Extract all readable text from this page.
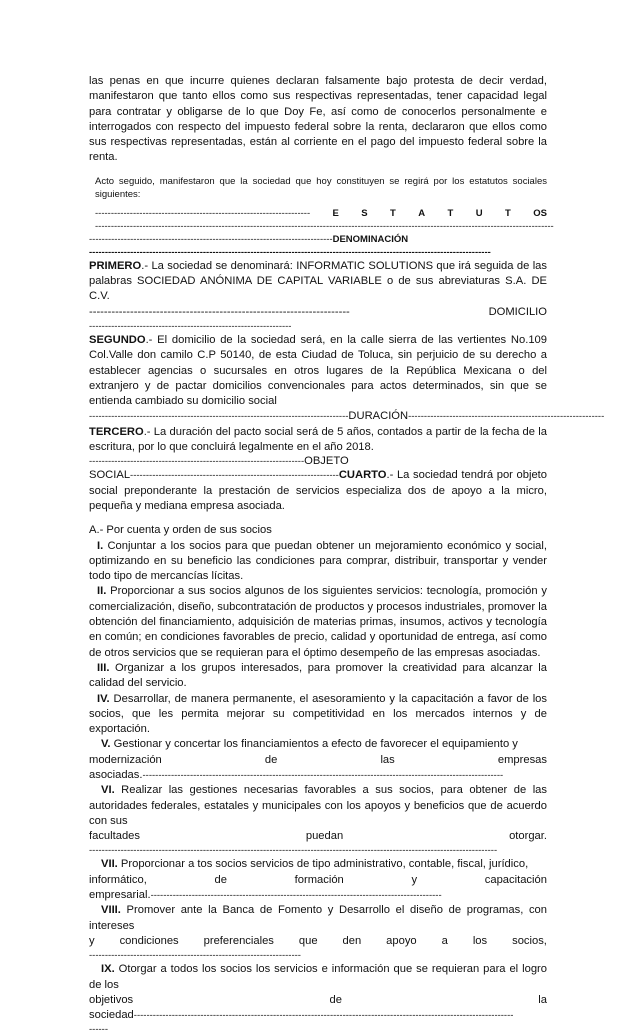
las penas en que incurre quienes declaran falsamente bajo protesta de decir verdad, manifestaron que tanto ellos como sus respectivas representadas, tener capacidad legal para contratar y obligarse de lo que Doy Fe, así como de conocerlos personalmente e interrogados con respecto del impuesto federal sobre la renta, declararon que ellos como sus respectivas representadas, están al corriente en el pago del impuesto federal sobre la renta.

Acto seguido, manifestaron que la sociedad que hoy constituyen se regirá por los estatutos sociales siguientes:

-------------------------------------------------------------------- E S T A T U T OS
-------------------------------------------------------------------------------------------------------------------------------------------------
-----------------------------------------------------------------------------DENOMINACIÓN
-------------------------------------------------------------------------------------------------------------------------------

PRIMERO.- La sociedad se denominará: INFORMATIC SOLUTIONS que irá seguida de las palabras SOCIEDAD ANÓNIMA DE CAPITAL VARIABLE o de sus abreviaturas S.A. DE C.V.

----------------------------------------------------------------------	DOMICILIO
----------------------------------------------------------------

SEGUNDO.- El domicilio de la sociedad será, en la calle sierra de las vertientes No.109 Col.Valle don camilo C.P 50140, de esta Ciudad de Toluca, sin perjuicio de su derecho a establecer agencias o sucursales en otros lugares de la República Mexicana o del extranjero y de pactar domicilios convencionales para actos determinados, sin que se entienda cambiado su domicilio social

----------------------------------------------------------------------------------DURACIÓN--------------------------------------------------------------

TERCERO.- La duración del pacto social será de 5 años, contados a partir de la fecha de la escritura, por lo que concluirá legalmente en el año 2018.

--------------------------------------------------------------------OBJETO

SOCIAL------------------------------------------------------------------CUARTO.- La sociedad tendrá por objeto social preponderante la prestación de servicios especializa dos de apoyo a la micro, pequeña y mediana empresa asociada.

A.- Por cuenta y orden de sus socios

I. Conjuntar a los socios para que puedan obtener un mejoramiento económico y social, optimizando en su beneficio las condiciones para comprar, distribuir, transportar y vender todo tipo de mercancías lícitas.

II. Proporcionar a sus socios algunos de los siguientes servicios: tecnología, promoción y comercialización, diseño, subcontratación de productos y procesos industriales, promover la obtención del financiamiento, adquisición de materias primas, insumos, activos y tecnología en común; en condiciones favorables de precio, calidad y oportunidad de entrega, así como de otros servicios que se requieran para el óptimo desempeño de las empresas asociadas.

III. Organizar a los grupos interesados, para promover la creatividad para alcanzar la calidad del servicio.

IV. Desarrollar, de manera permanente, el asesoramiento y la capacitación a favor de los socios, que les permita mejorar su competitividad en los mercados internos y de exportación.

V. Gestionar y concertar los financiamientos a efecto de favorecer el equipamiento y

modernización	de	las	empresas
asociadas.------------------------------------------------------------------------------------------------------------------

VI. Realizar las gestiones necesarias favorables a sus socios, para obtener de las autoridades federales, estatales y municipales con los apoyos y beneficios que de acuerdo con sus

facultades	puedan	otorgar.
---------------------------------------------------------------------------------------------------------------------------------

VII. Proporcionar a tos socios servicios de tipo administrativo, contable, fiscal, jurídico,

informático,	de	formación	y	capacitación
empresarial.--------------------------------------------------------------------------------------------

VIII. Promover ante la Banca de Fomento y Desarrollo el diseño de programas, con intereses

y condiciones preferenciales que den apoyo a los socios,
-------------------------------------------------------------------

IX. Otorgar a todos los socios los servicios e información que se requieran para el logro de los

objetivos	de	la
sociedad------------------------------------------------------------------------------------------------------------------------
------
